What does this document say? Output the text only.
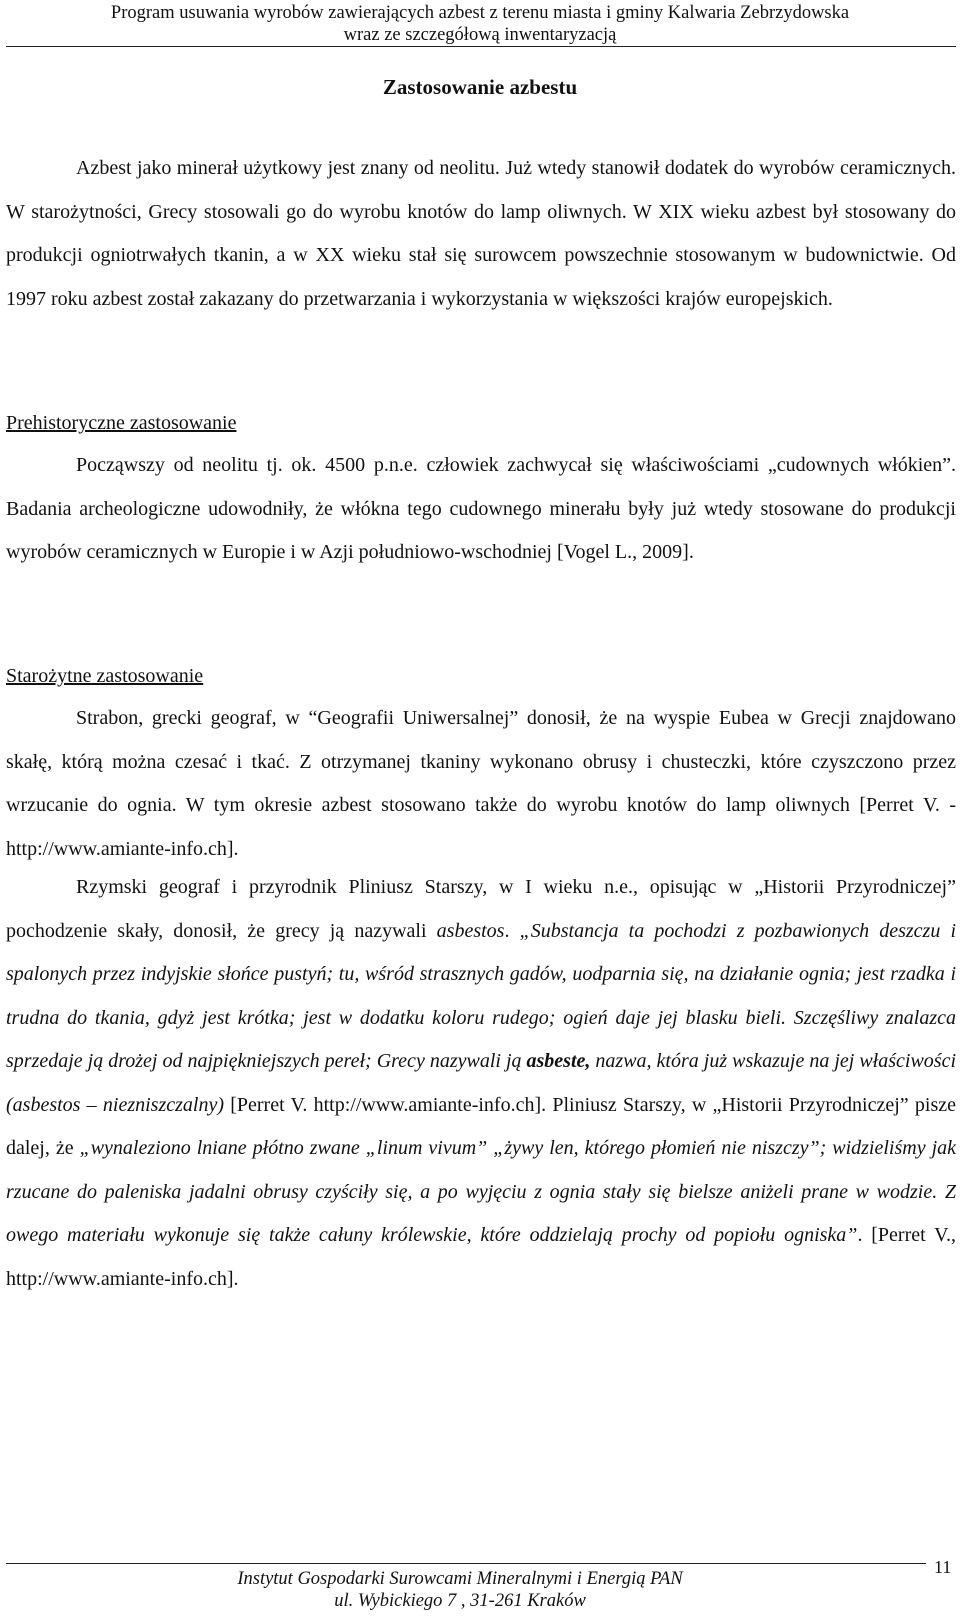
Program usuwania wyrobów zawierających azbest z terenu miasta i gminy Kalwaria Zebrzydowska
wraz ze szczegółową inwentaryzacją
Zastosowanie azbestu

Azbest jako minerał użytkowy jest znany od neolitu. Już wtedy stanowił dodatek do wyrobów ceramicznych. W starożytności, Grecy stosowali go do wyrobu knotów do lamp oliwnych. W XIX wieku azbest był stosowany do produkcji ogniotrwałych tkanin, a w XX wieku stał się surowcem powszechnie stosowanym w budownictwie. Od 1997 roku azbest został zakazany do przetwarzania i wykorzystania w większości krajów europejskich.

Prehistoryczne zastosowanie

Począwszy od neolitu tj. ok. 4500 p.n.e. człowiek zachwycał się właściwościami „cudownych włókien”. Badania archeologiczne udowodniły, że włókna tego cudownego minerału były już wtedy stosowane do produkcji wyrobów ceramicznych w Europie i w Azji południowo-wschodniej [Vogel L., 2009].

Starożytne zastosowanie

Strabon, grecki geograf, w “Geografii Uniwersalnej” donosił, że na wyspie Eubea w Grecji znajdowano skałę, którą można czesać i tkać. Z otrzymanej tkaniny wykonano obrusy i chusteczki, które czyszczono przez wrzucanie do ognia. W tym okresie azbest stosowano także do wyrobu knotów do lamp oliwnych [Perret V. - http://www.amiante-info.ch].

Rzymski geograf i przyrodnik Pliniusz Starszy, w I wieku n.e., opisując w „Historii Przyrodniczej” pochodzenie skały, donosił, że grecy ją nazywali asbestos. „Substancja ta pochodzi z pozbawionych deszczu i spalonych przez indyjskie słońce pustyń; tu, wśród strasznych gadów, uodparnia się, na działanie ognia; jest rzadka i trudna do tkania, gdyż jest krótka; jest w dodatku koloru rudego; ogień daje jej blasku bieli. Szczęśliwy znalazca sprzedaje ją drożej od najpiękniejszych pereł; Grecy nazywali ją asbeste, nazwa, która już wskazuje na jej właściwości (asbestos – niezniszczalny) [Perret V. http://www.amiante-info.ch]. Pliniusz Starszy, w „Historii Przyrodniczej” pisze dalej, że „wynaleziono lniane płótno zwane „linum vivum” „żywy len, którego płomień nie niszczy”; widzieliśmy jak rzucane do paleniska jadalni obrusy czyściły się, a po wyjęciu z ognia stały się bielsze aniżeli prane w wodzie. Z owego materiału wykonuje się także całuny królewskie, które oddzielają prochy od popiołu ogniska”. [Perret V., http://www.amiante-info.ch].

Instytut Gospodarki Surowcami Mineralnymi i Energią PAN
ul. Wybickiego 7 , 31-261 Kraków
11
